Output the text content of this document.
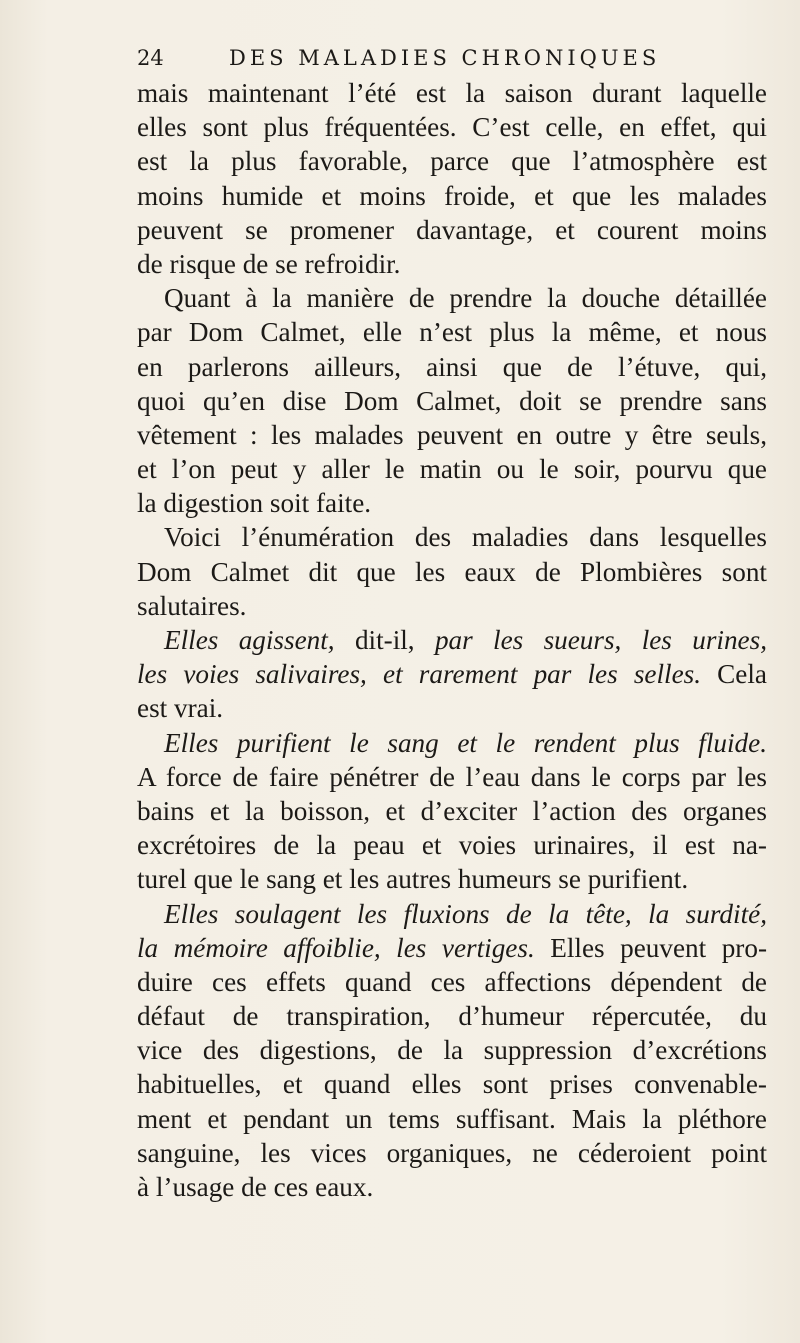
24	DES MALADIES CHRONIQUES
mais maintenant l’été est la saison durant laquelle
elles sont plus fréquentées. C’est celle, en effet, qui
est la plus favorable, parce que l’atmosphère est
moins humide et moins froide, et que les malades
peuvent se promener davantage, et courent moins
de risque de se refroidir.
Quant à la manière de prendre la douche détaillée
par Dom Calmet, elle n’est plus la même, et nous
en parlerons ailleurs, ainsi que de l’étuve, qui,
quoi qu’en dise Dom Calmet, doit se prendre sans
vêtement : les malades peuvent en outre y être seuls,
et l’on peut y aller le matin ou le soir, pourvu que
la digestion soit faite.
Voici l’énumération des maladies dans lesquelles
Dom Calmet dit que les eaux de Plombières sont
salutaires.
Elles agissent, dit-il, par les sueurs, les urines,
les voies salivaires, et rarement par les selles. Cela
est vrai.
Elles purifient le sang et le rendent plus fluide.
A force de faire pénétrer de l’eau dans le corps par les
bains et la boisson, et d’exciter l’action des organes
excrétoires de la peau et voies urinaires, il est na-
turel que le sang et les autres humeurs se purifient.
Elles soulagent les fluxions de la tête, la surdité,
la mémoire affoiblie, les vertiges. Elles peuvent pro-
duire ces effets quand ces affections dépendent de
défaut de transpiration, d’humeur répercutée, du
vice des digestions, de la suppression d’excrétions
habituelles, et quand elles sont prises convenable-
ment et pendant un tems suffisant. Mais la pléthore
sanguine, les vices organiques, ne céderoient point
à l’usage de ces eaux.
